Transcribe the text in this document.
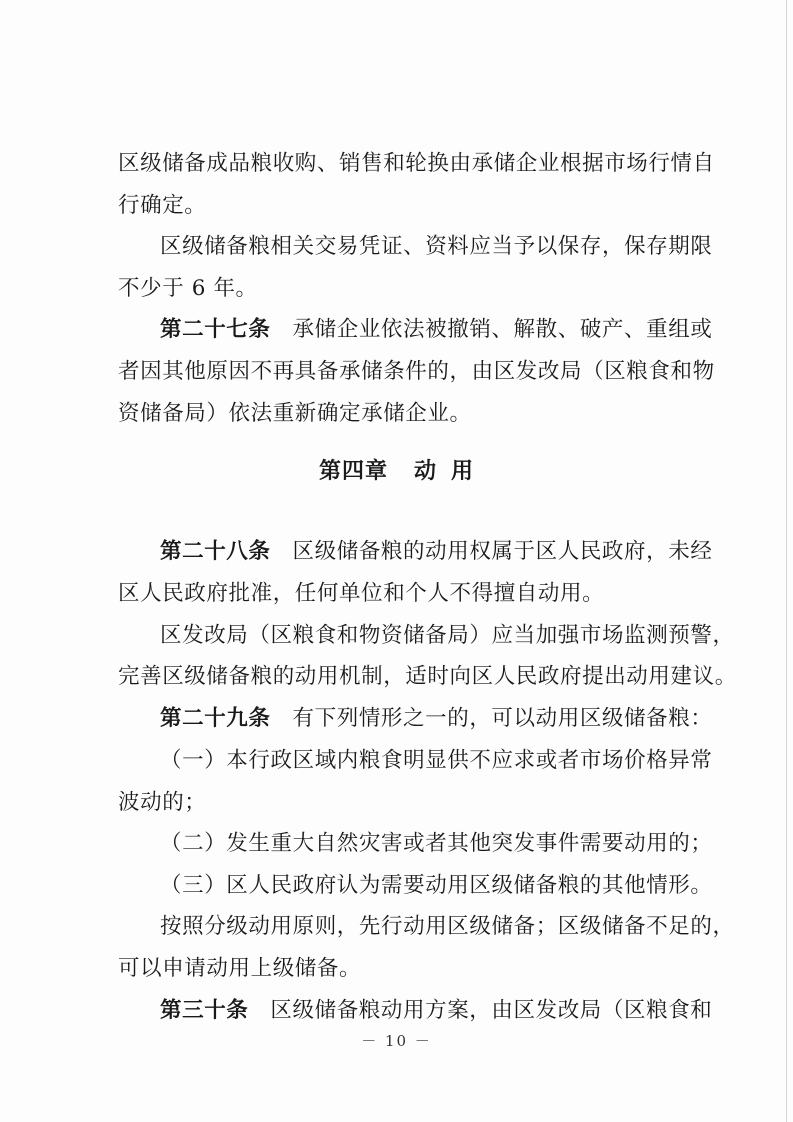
区级储备成品粮收购、销售和轮换由承储企业根据市场行情自
行确定。
区级储备粮相关交易凭证、资料应当予以保存，保存期限
不少于 6 年。
第二十七条 承储企业依法被撤销、解散、破产、重组或
者因其他原因不再具备承储条件的，由区发改局（区粮食和物
资储备局）依法重新确定承储企业。
第四章 动 用
第二十八条 区级储备粮的动用权属于区人民政府，未经
区人民政府批准，任何单位和个人不得擅自动用。
区发改局（区粮食和物资储备局）应当加强市场监测预警，
完善区级储备粮的动用机制，适时向区人民政府提出动用建议。
第二十九条 有下列情形之一的，可以动用区级储备粮：
（一）本行政区域内粮食明显供不应求或者市场价格异常
波动的；
（二）发生重大自然灾害或者其他突发事件需要动用的；
（三）区人民政府认为需要动用区级储备粮的其他情形。
按照分级动用原则，先行动用区级储备；区级储备不足的，
可以申请动用上级储备。
第三十条 区级储备粮动用方案，由区发改局（区粮食和
－ 10 －
